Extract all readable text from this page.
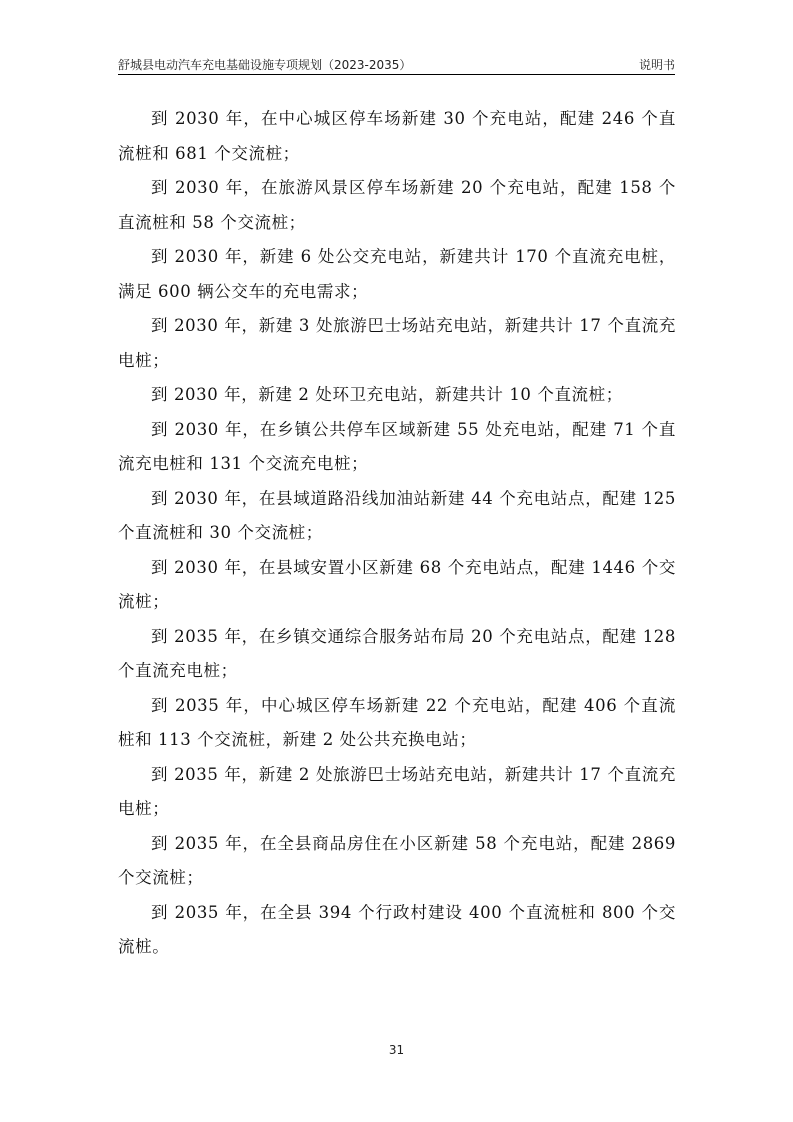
舒城县电动汽车充电基础设施专项规划（2023-2035）	说明书

到 2030 年，在中心城区停车场新建 30 个充电站，配建 246 个直流桩和 681 个交流桩；

到 2030 年，在旅游风景区停车场新建 20 个充电站，配建 158 个直流桩和 58 个交流桩；

到 2030 年，新建 6 处公交充电站，新建共计 170 个直流充电桩，满足 600 辆公交车的充电需求；

到 2030 年，新建 3 处旅游巴士场站充电站，新建共计 17 个直流充电桩；

到 2030 年，新建 2 处环卫充电站，新建共计 10 个直流桩；

到 2030 年，在乡镇公共停车区域新建 55 处充电站，配建 71 个直流充电桩和 131 个交流充电桩；

到 2030 年，在县域道路沿线加油站新建 44 个充电站点，配建 125 个直流桩和 30 个交流桩；

到 2030 年，在县域安置小区新建 68 个充电站点，配建 1446 个交流桩；

到 2035 年，在乡镇交通综合服务站布局 20 个充电站点，配建 128 个直流充电桩；

到 2035 年，中心城区停车场新建 22 个充电站，配建 406 个直流桩和 113 个交流桩，新建 2 处公共充换电站；

到 2035 年，新建 2 处旅游巴士场站充电站，新建共计 17 个直流充电桩；

到 2035 年，在全县商品房住在小区新建 58 个充电站，配建 2869 个交流桩；

到 2035 年，在全县 394 个行政村建设 400 个直流桩和 800 个交流桩。

31
